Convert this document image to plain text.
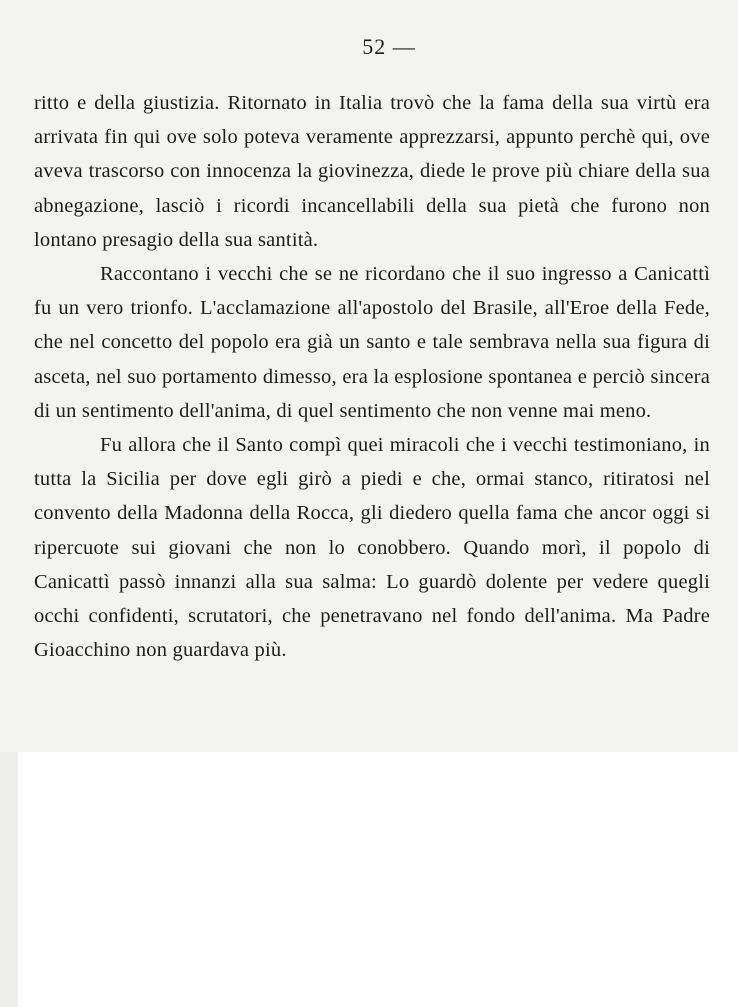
52 —

ritto e della giustizia. Ritornato in Italia trovò che la fama della sua virtù era arrivata fin qui ove solo poteva veramente apprezzarsi, appunto perchè qui, ove aveva trascorso con innocenza la giovinezza, diede le prove più chiare della sua abnegazione, lasciò i ricordi incancellabili della sua pietà che furono non lontano presagio della sua santità.

Raccontano i vecchi che se ne ricordano che il suo ingresso a Canicattì fu un vero trionfo. L'acclamazione all'apostolo del Brasile, all'Eroe della Fede, che nel concetto del popolo era già un santo e tale sembrava nella sua figura di asceta, nel suo portamento dimesso, era la esplosione spontanea e perciò sincera di un sentimento dell'anima, di quel sentimento che non venne mai meno.

Fu allora che il Santo compì quei miracoli che i vecchi testimoniano, in tutta la Sicilia per dove egli girò a piedi e che, ormai stanco, ritiratosi nel convento della Madonna della Rocca, gli diedero quella fama che ancor oggi si ripercuote sui giovani che non lo conobbero. Quando morì, il popolo di Canicattì passò innanzi alla sua salma: Lo guardò dolente per vedere quegli occhi confidenti, scrutatori, che penetravano nel fondo dell'anima. Ma Padre Gioacchino non guardava più.
